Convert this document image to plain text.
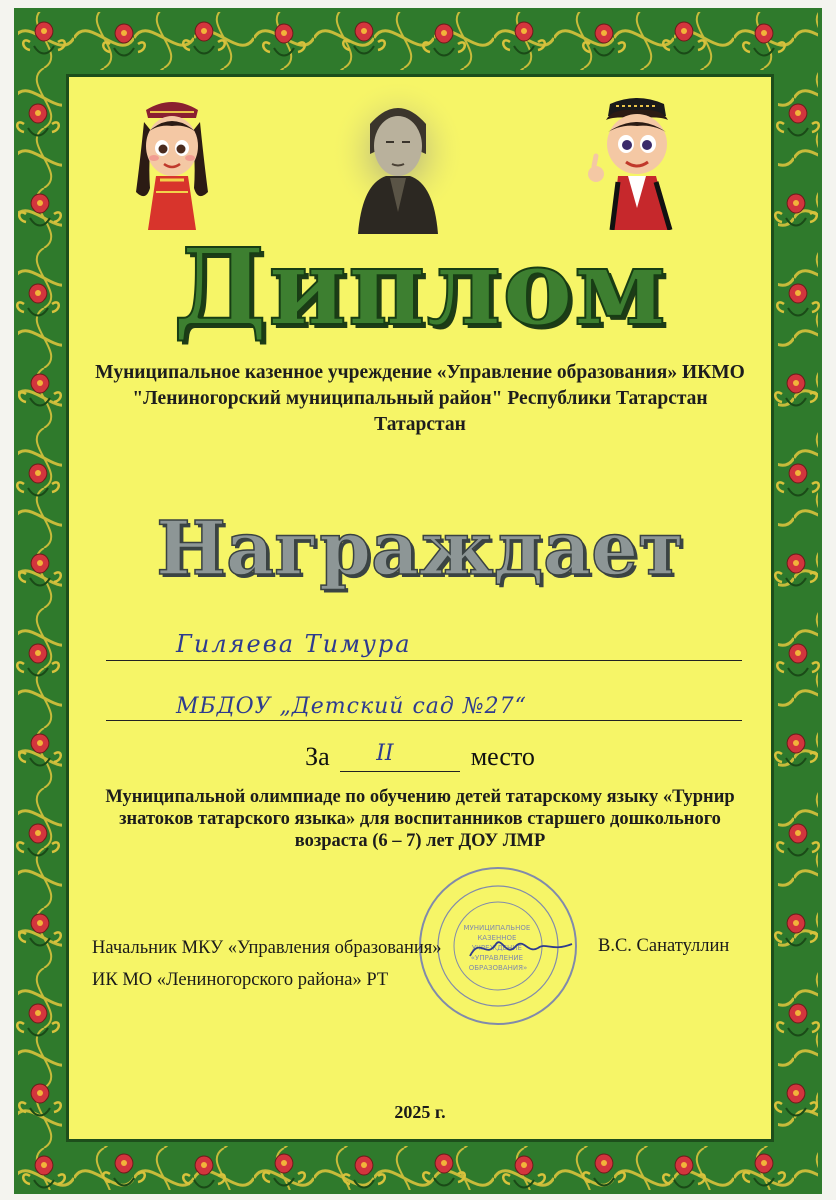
Диплом
Муниципальное казенное учреждение «Управление образования» ИКМО "Лениногорский муниципальный район" Республики Татарстан Татарстан
Награждает
Гиляева Тимура
МБДОУ „Детский сад №27“
За II	место
Муниципальной олимпиаде по обучению детей татарскому языку «Турнир знатоков татарского языка» для воспитанников старшего дошкольного возраста (6 – 7) лет ДОУ ЛМР
МУНИЦИПАЛЬНОЕ КАЗЕННОЕ УЧРЕЖДЕНИЕ «УПРАВЛЕНИЕ ОБРАЗОВАНИЯ»
Начальник МКУ «Управления образования»
ИК МО «Лениногорского района» РТ
В.С. Санатуллин
2025 г.
